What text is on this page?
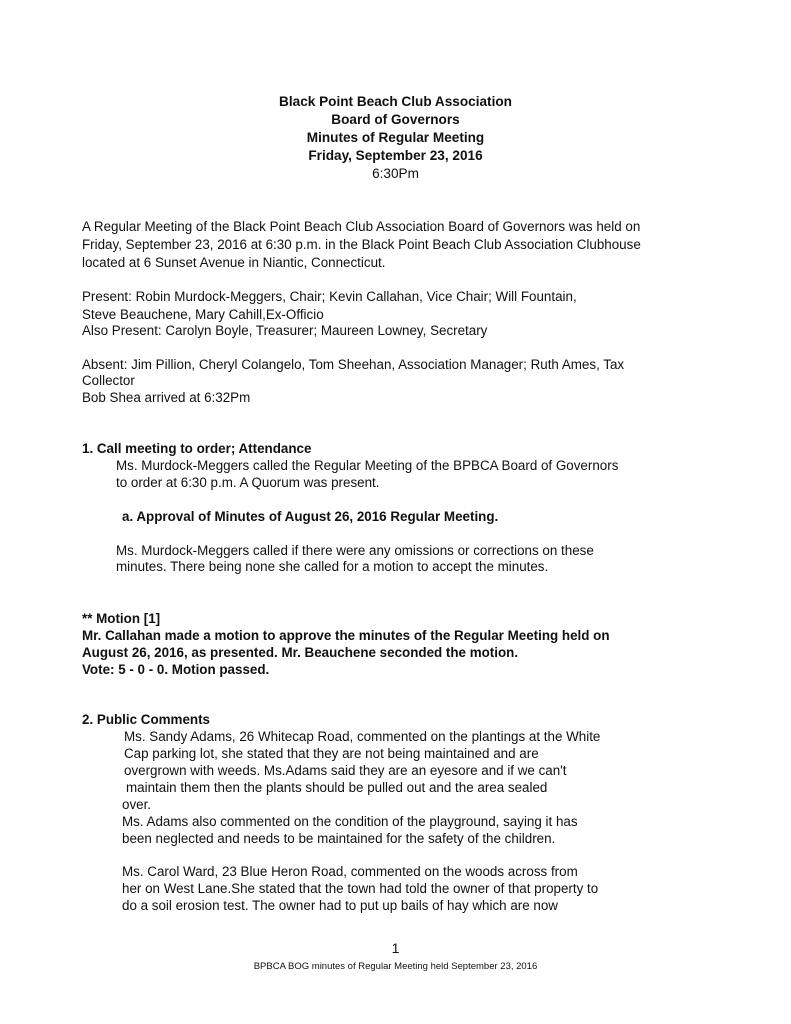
Black Point Beach Club Association
Board of Governors
Minutes of Regular Meeting
Friday, September 23, 2016
6:30Pm
A Regular Meeting of the Black Point Beach Club Association Board of Governors was held on
Friday, September 23, 2016 at 6:30 p.m. in the Black Point Beach Club Association Clubhouse
located at 6 Sunset Avenue in Niantic, Connecticut.
Present: Robin Murdock-Meggers, Chair; Kevin Callahan, Vice Chair; Will Fountain,
Steve Beauchene, Mary Cahill,Ex-Officio
Also Present: Carolyn Boyle, Treasurer; Maureen Lowney, Secretary
Absent: Jim Pillion, Cheryl Colangelo, Tom Sheehan, Association Manager; Ruth Ames, Tax
Collector
Bob Shea arrived at 6:32Pm
1. Call meeting to order; Attendance
Ms. Murdock-Meggers called the Regular Meeting of the BPBCA Board of Governors
to order at 6:30 p.m. A Quorum was present.
a. Approval of Minutes of August 26, 2016 Regular Meeting.
Ms. Murdock-Meggers called if there were any omissions or corrections on these
minutes. There being none she called for a motion to accept the minutes.
** Motion [1]
Mr. Callahan made a motion to approve the minutes of the Regular Meeting held on
August 26, 2016, as presented. Mr. Beauchene seconded the motion.
Vote: 5 - 0 - 0. Motion passed.
2. Public Comments
Ms. Sandy Adams, 26 Whitecap Road, commented on the plantings at the White
Cap parking lot, she stated that they are not being maintained and are
overgrown with weeds. Ms.Adams said they are an eyesore and if we can't
maintain them then the plants should be pulled out and the area sealed
over.
Ms. Adams also commented on the condition of the playground, saying it has
been neglected and needs to be maintained for the safety of the children.
Ms. Carol Ward, 23 Blue Heron Road, commented on the woods across from
her on West Lane.She stated that the town had told the owner of that property to
do a soil erosion test. The owner had to put up bails of hay which are now
1
BPBCA BOG minutes of Regular Meeting held September 23, 2016
